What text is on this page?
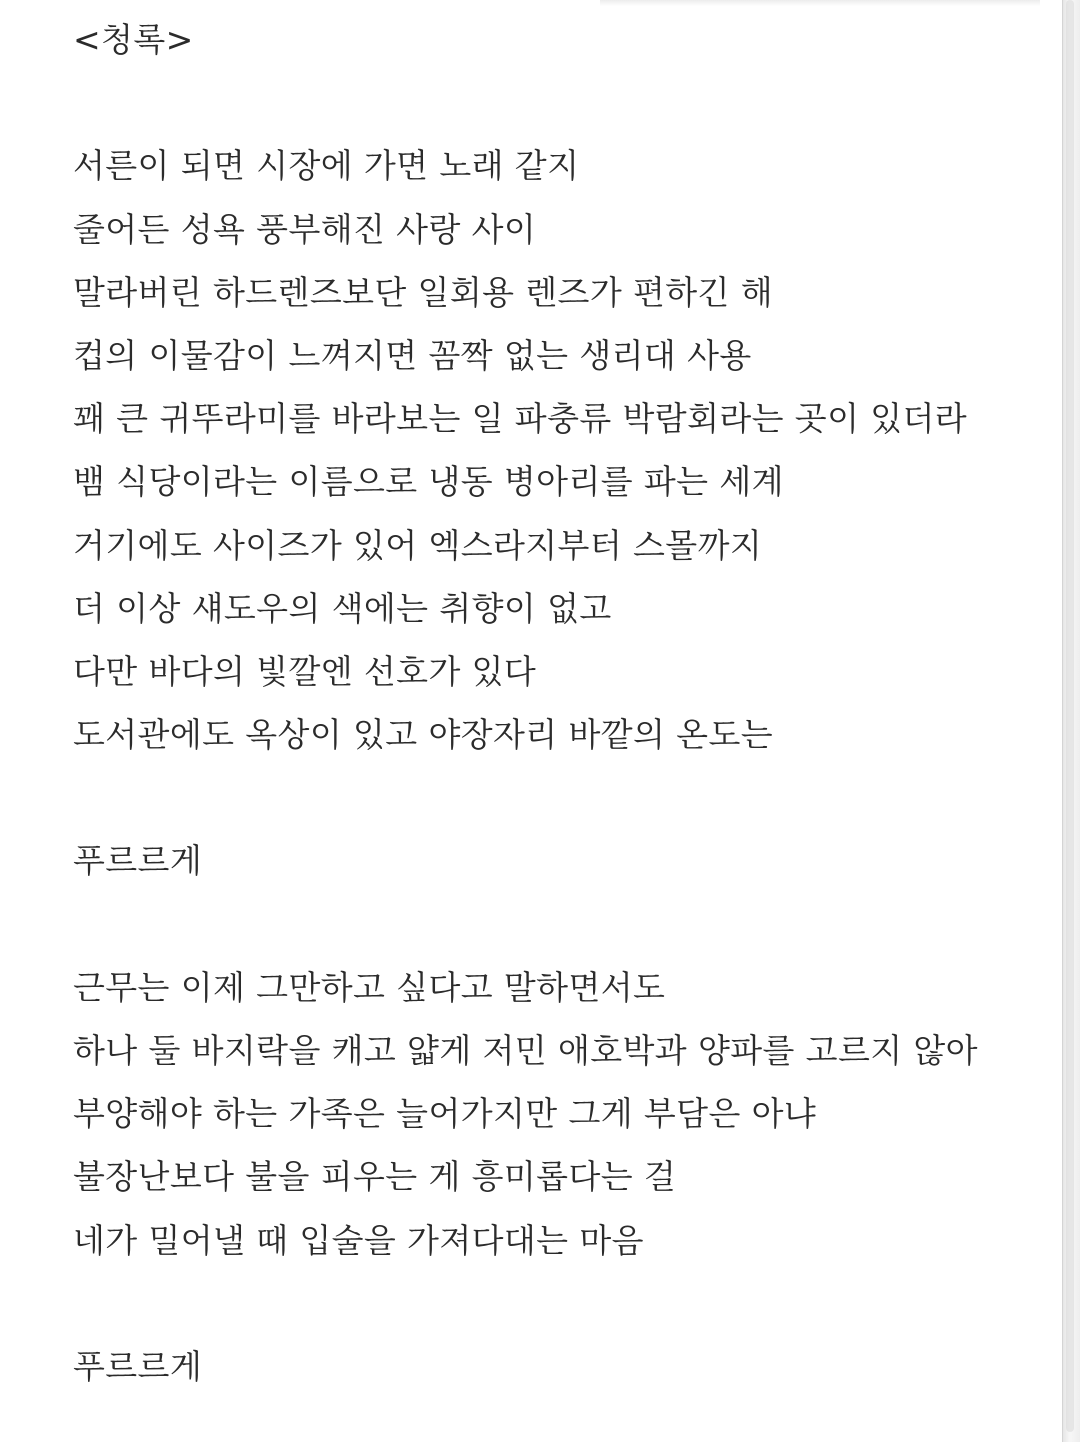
<청록>
서른이 되면 시장에 가면 노래 같지
줄어든 성욕 풍부해진 사랑 사이
말라버린 하드렌즈보단 일회용 렌즈가 편하긴 해
컵의 이물감이 느껴지면 꼼짝 없는 생리대 사용
꽤 큰 귀뚜라미를 바라보는 일 파충류 박람회라는 곳이 있더라
뱀 식당이라는 이름으로 냉동 병아리를 파는 세계
거기에도 사이즈가 있어 엑스라지부터 스몰까지
더 이상 섀도우의 색에는 취향이 없고
다만 바다의 빛깔엔 선호가 있다
도서관에도 옥상이 있고 야장자리 바깥의 온도는
푸르르게
근무는 이제 그만하고 싶다고 말하면서도
하나 둘 바지락을 캐고 얇게 저민 애호박과 양파를 고르지 않아
부양해야 하는 가족은 늘어가지만 그게 부담은 아냐
불장난보다 불을 피우는 게 흥미롭다는 걸
네가 밀어낼 때 입술을 가져다대는 마음
푸르르게
